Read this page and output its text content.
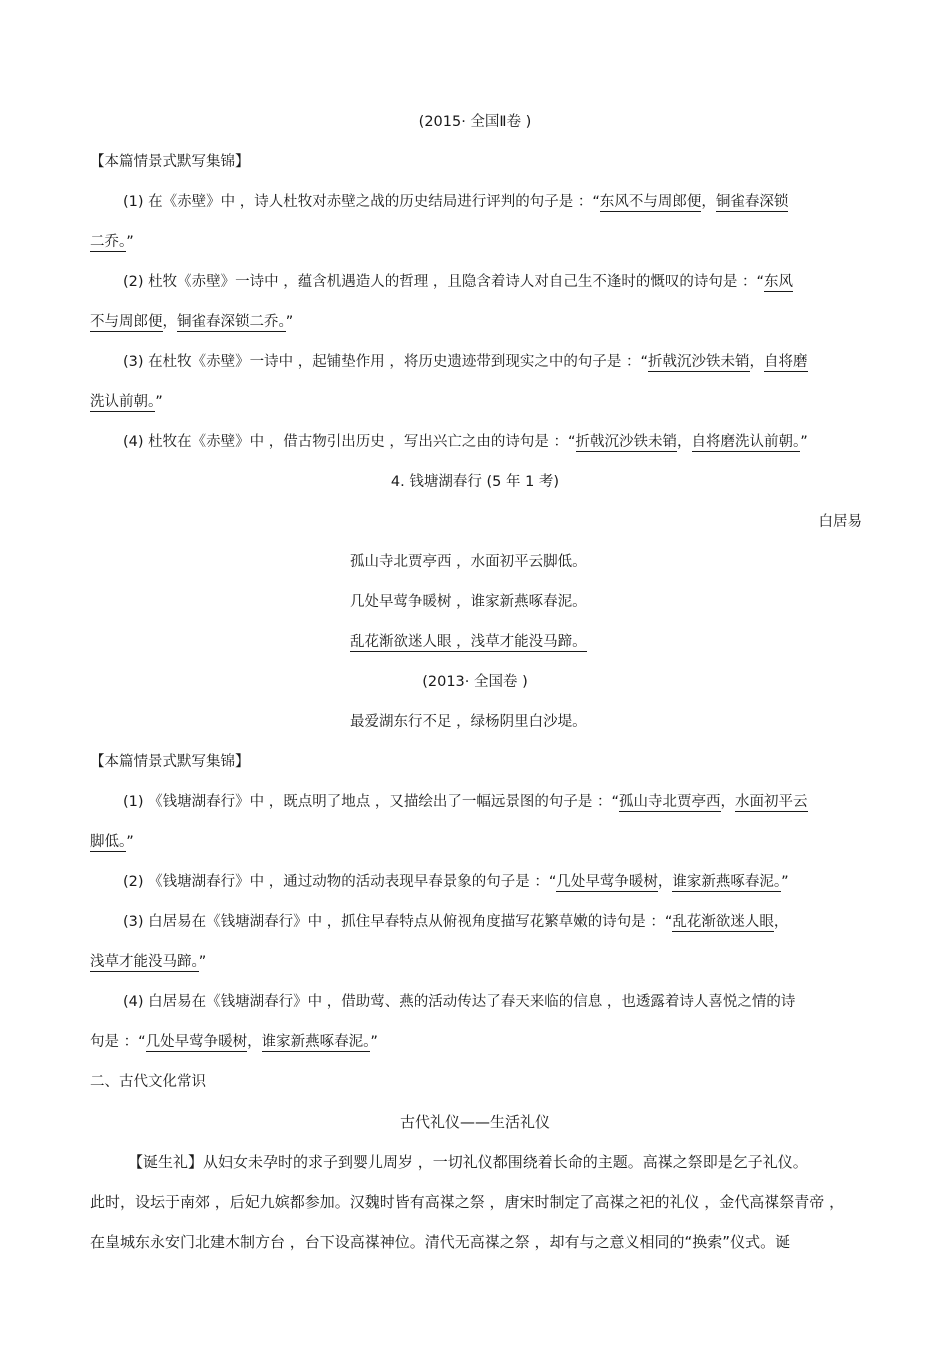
(2015· 全国Ⅱ卷 )
【本篇情景式默写集锦】
(1) 在《赤壁》中 ，诗人杜牧对赤壁之战的历史结局进行评判的句子是 ：“东风不与周郎便，铜雀春深锁
二乔。”
(2) 杜牧《赤壁》一诗中 ，蕴含机遇造人的哲理 ，且隐含着诗人对自己生不逢时的慨叹的诗句是 ：“东风
不与周郎便，铜雀春深锁二乔。”
(3) 在杜牧《赤壁》一诗中 ，起铺垫作用 ，将历史遗迹带到现实之中的句子是 ：“折戟沉沙铁未销，自将磨
洗认前朝。”
(4) 杜牧在《赤壁》中 ，借古物引出历史 ，写出兴亡之由的诗句是 ：“折戟沉沙铁未销，自将磨洗认前朝。”
4. 钱塘湖春行 (5 年 1 考)
白居易
孤山寺北贾亭西 ，水面初平云脚低。
几处早莺争暖树 ，谁家新燕啄春泥。
乱花渐欲迷人眼 ，浅草才能没马蹄。
(2013· 全国卷 )
最爱湖东行不足 ，绿杨阴里白沙堤。
【本篇情景式默写集锦】
(1) 《钱塘湖春行》中 ，既点明了地点 ，又描绘出了一幅远景图的句子是 ：“孤山寺北贾亭西，水面初平云
脚低。”
(2) 《钱塘湖春行》中 ，通过动物的活动表现早春景象的句子是 ：“几处早莺争暖树，谁家新燕啄春泥。”
(3) 白居易在《钱塘湖春行》中 ，抓住早春特点从俯视角度描写花繁草嫩的诗句是 ：“乱花渐欲迷人眼，
浅草才能没马蹄。”
(4) 白居易在《钱塘湖春行》中 ，借助莺、燕的活动传达了春天来临的信息 ，也透露着诗人喜悦之情的诗
句是 ：“几处早莺争暖树，谁家新燕啄春泥。”
二、古代文化常识
古代礼仪——生活礼仪
【诞生礼】从妇女未孕时的求子到婴儿周岁 ，一切礼仪都围绕着长命的主题。高禖之祭即是乞子礼仪。
此时，设坛于南郊 ，后妃九嫔都参加。汉魏时皆有高禖之祭 ，唐宋时制定了高禖之祀的礼仪 ，金代高禖祭青帝 ，
在皇城东永安门北建木制方台 ，台下设高禖神位。清代无高禖之祭 ，却有与之意义相同的“换索”仪式。诞
